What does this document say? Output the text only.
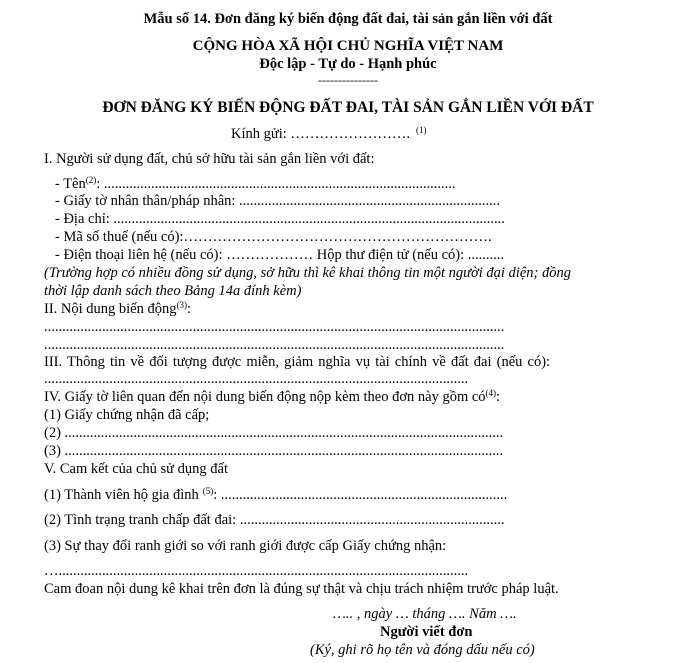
Mẫu số 14. Đơn đăng ký biến động đất đai, tài sản gắn liền với đất
CỘNG HÒA XÃ HỘI CHỦ NGHĨA VIỆT NAM
Độc lập - Tự do - Hạnh phúc
---------------
ĐƠN ĐĂNG KÝ BIẾN ĐỘNG ĐẤT ĐAI, TÀI SẢN GẮN LIỀN VỚI ĐẤT
Kính gửi: ……………………. $^{(1)}$
I. Người sử dụng đất, chủ sở hữu tài sản gắn liền với đất:
- Tên$^{(2)}$: .................................................................................................
- Giấy tờ nhân thân/pháp nhân: ........................................................................
- Địa chỉ: ............................................................................................................
- Mã số thuế (nếu có):……………………………………………………….
- Điện thoại liên hệ (nếu có): ……………… Hộp thư điện tử (nếu có): ..........
(Trường hợp có nhiều đồng sử dụng, sở hữu thì kê khai thông tin một người đại diện; đồng
thời lập danh sách theo Bảng 14a đính kèm)
II. Nội dung biến động$^{(3)}$:
...............................................................................................................................
...............................................................................................................................
III. Thông tin về đối tượng được miễn, giảm nghĩa vụ tài chính về đất đai (nếu có):
.....................................................................................................................
IV. Giấy tờ liên quan đến nội dung biến động nộp kèm theo đơn này gồm $có^{(4)}$:
(1) Giấy chứng nhận đã cấp;
(2) .........................................................................................................................
(3) .........................................................................................................................
V. Cam kết của chủ sử dụng đất
(1) Thành viên hộ gia đình $^{(5)}$: ...............................................................................
(2) Tình trạng tranh chấp đất đai: .........................................................................
(3) Sự thay đổi ranh giới so với ranh giới được cấp Giấy chứng nhận:
….................................................................................................................
Cam đoan nội dung kê khai trên đơn là đúng sự thật và chịu trách nhiệm trước pháp luật.
….. , ngày … tháng …. Năm ….
Người viết đơn
(Ký, ghi rõ họ tên và đóng dấu nếu có)
